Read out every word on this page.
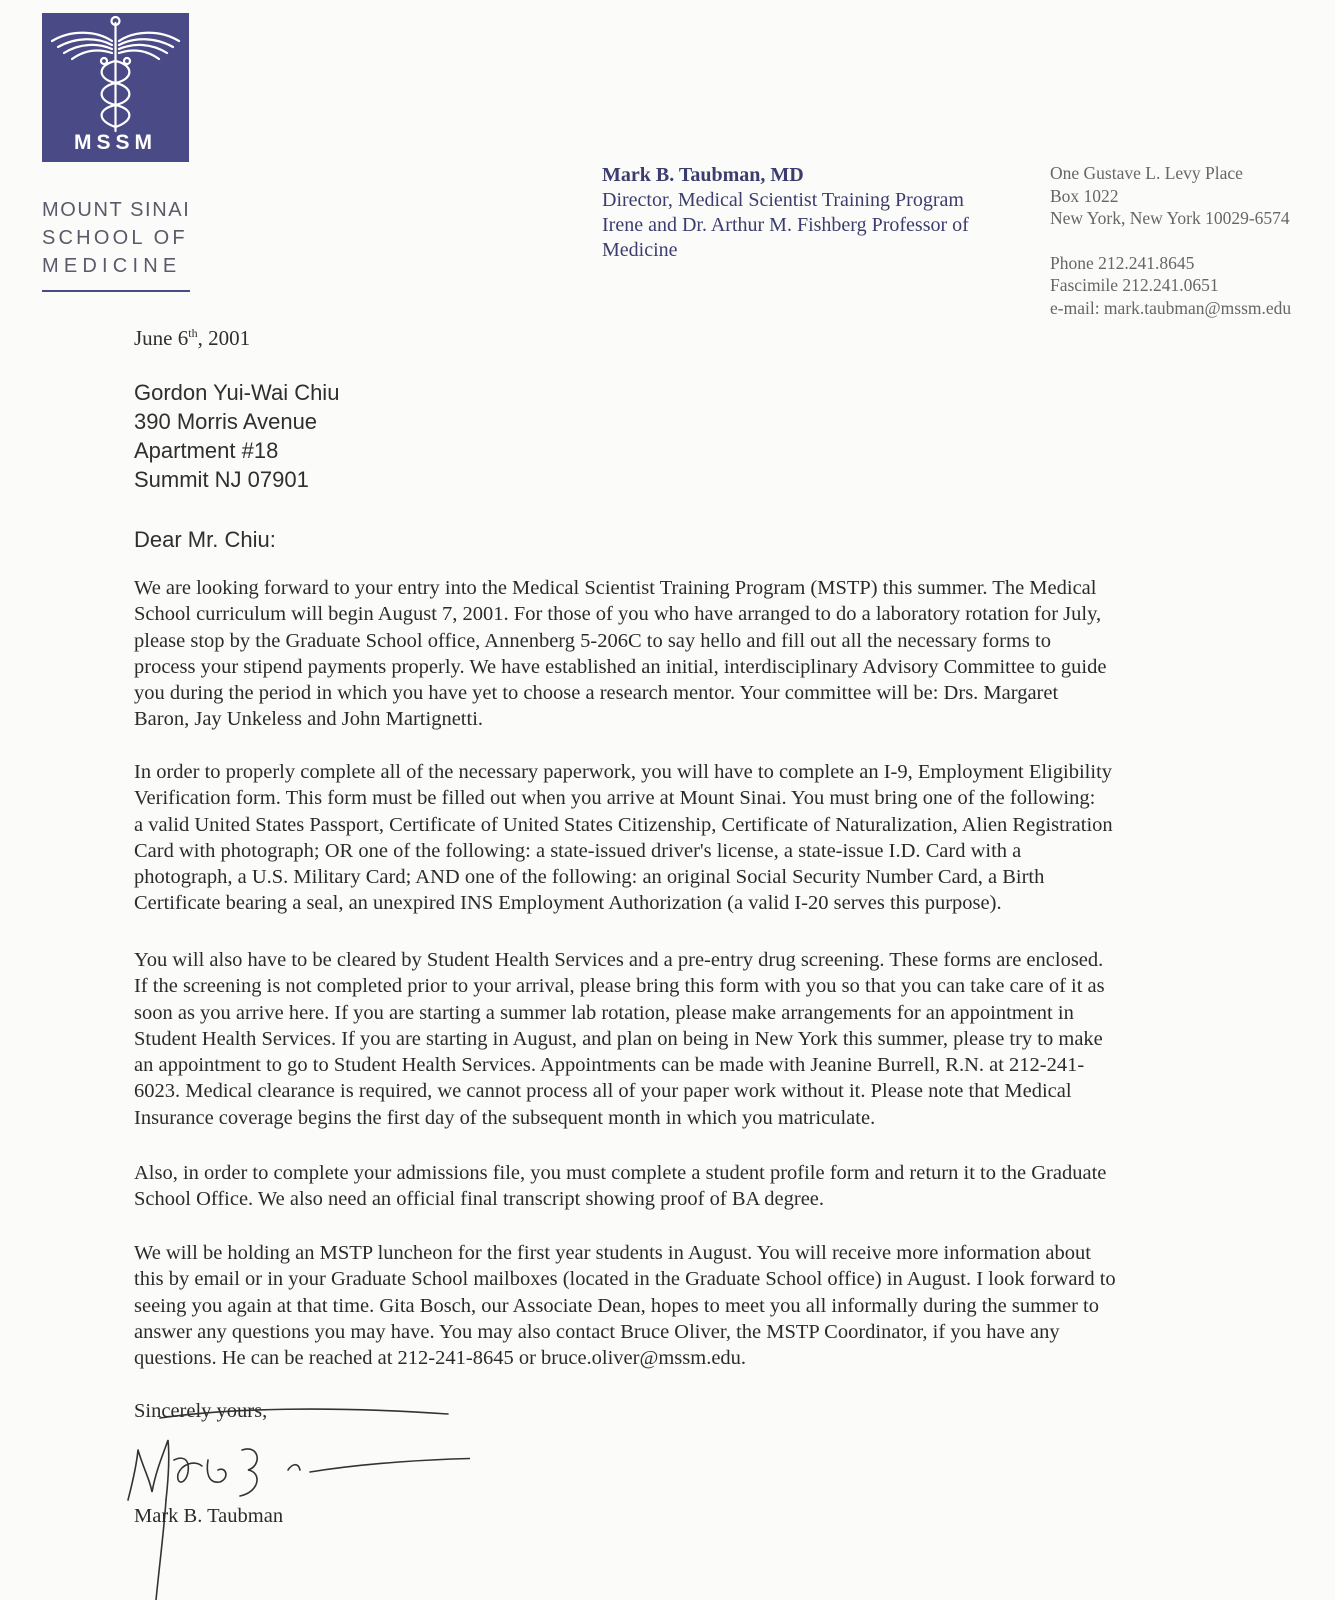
MSSM
MOUNT SINAI
SCHOOL OF
MEDICINE
Mark B. Taubman, MD
Director, Medical Scientist Training Program
Irene and Dr. Arthur M. Fishberg Professor of
Medicine
One Gustave L. Levy Place
Box 1022
New York, New York 10029-6574
Phone 212.241.8645
Fascimile 212.241.0651
e-mail: mark.taubman@mssm.edu
June 6th, 2001
Gordon Yui-Wai Chiu
390 Morris Avenue
Apartment #18
Summit NJ 07901
Dear Mr. Chiu:
We are looking forward to your entry into the Medical Scientist Training Program (MSTP) this summer. The Medical
School curriculum will begin August 7, 2001. For those of you who have arranged to do a laboratory rotation for July,
please stop by the Graduate School office, Annenberg 5-206C to say hello and fill out all the necessary forms to
process your stipend payments properly. We have established an initial, interdisciplinary Advisory Committee to guide
you during the period in which you have yet to choose a research mentor. Your committee will be: Drs. Margaret
Baron, Jay Unkeless and John Martignetti.
In order to properly complete all of the necessary paperwork, you will have to complete an I-9, Employment Eligibility
Verification form. This form must be filled out when you arrive at Mount Sinai. You must bring one of the following:
a valid United States Passport, Certificate of United States Citizenship, Certificate of Naturalization, Alien Registration
Card with photograph; OR one of the following: a state-issued driver's license, a state-issue I.D. Card with a
photograph, a U.S. Military Card; AND one of the following: an original Social Security Number Card, a Birth
Certificate bearing a seal, an unexpired INS Employment Authorization (a valid I-20 serves this purpose).
You will also have to be cleared by Student Health Services and a pre-entry drug screening. These forms are enclosed.
If the screening is not completed prior to your arrival, please bring this form with you so that you can take care of it as
soon as you arrive here. If you are starting a summer lab rotation, please make arrangements for an appointment in
Student Health Services. If you are starting in August, and plan on being in New York this summer, please try to make
an appointment to go to Student Health Services. Appointments can be made with Jeanine Burrell, R.N. at 212-241-
6023. Medical clearance is required, we cannot process all of your paper work without it. Please note that Medical
Insurance coverage begins the first day of the subsequent month in which you matriculate.
Also, in order to complete your admissions file, you must complete a student profile form and return it to the Graduate
School Office. We also need an official final transcript showing proof of BA degree.
We will be holding an MSTP luncheon for the first year students in August. You will receive more information about
this by email or in your Graduate School mailboxes (located in the Graduate School office) in August. I look forward to
seeing you again at that time. Gita Bosch, our Associate Dean, hopes to meet you all informally during the summer to
answer any questions you may have. You may also contact Bruce Oliver, the MSTP Coordinator, if you have any
questions. He can be reached at 212-241-8645 or bruce.oliver@mssm.edu.
Sincerely yours,
Mark B. Taubman
